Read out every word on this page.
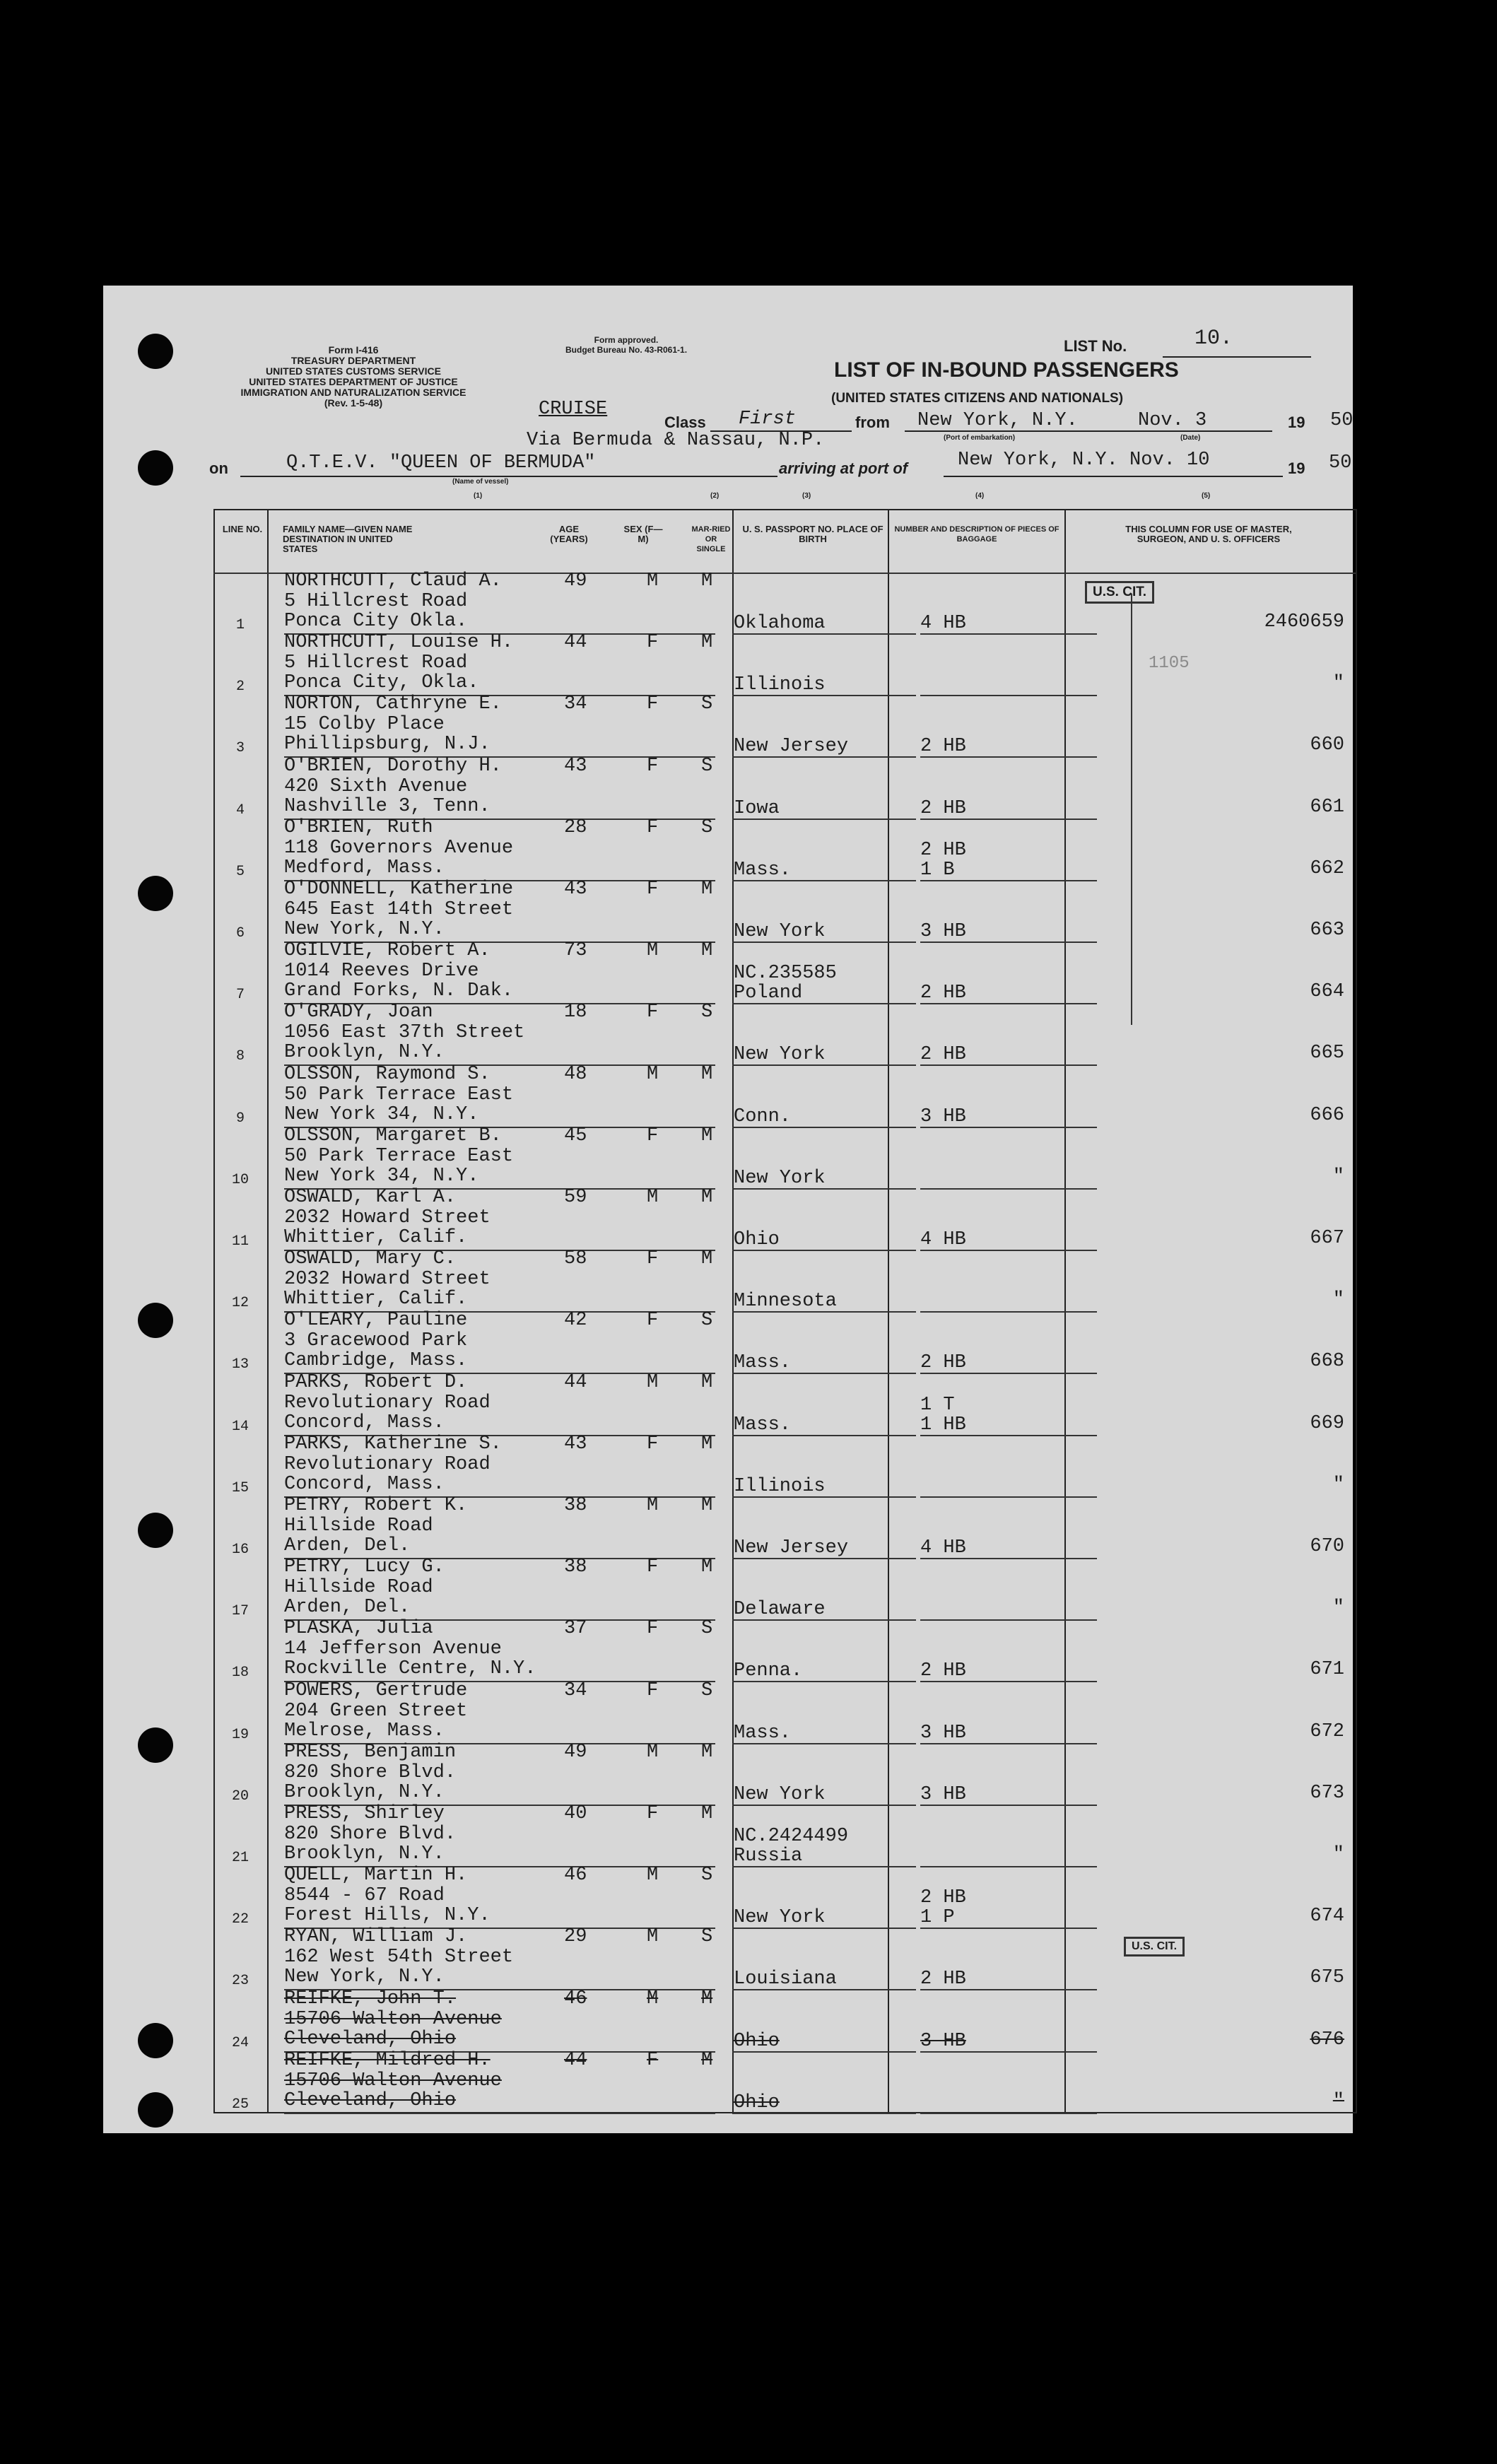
Form I-416
TREASURY DEPARTMENT
UNITED STATES CUSTOMS SERVICE
UNITED STATES DEPARTMENT OF JUSTICE
IMMIGRATION AND NATURALIZATION SERVICE
(Rev. 1-5-48)
Form approved.
Budget Bureau No. 43-R061-1.
LIST OF IN-BOUND PASSENGERS
(UNITED STATES CITIZENS AND NATIONALS)
LIST No.	10.
CRUISE
Class First	from New York, N.Y.	Nov. 3	19 50
(Port of embarkation)	(Date)
Via Bermuda & Nassau, N.P.
on	Q.T.E.V. "QUEEN OF BERMUDA"
(Name of vessel)
arriving at port of	New York, N.Y. Nov. 10	19 50
(1)	(2)	(3)	(4)	(5)
LINE NO.	FAMILY NAME—GIVEN NAME DESTINATION IN UNITED STATES
AGE (YEARS)
SEX (F—M)
MAR-RIED OR SINGLE
U. S. PASSPORT NO. PLACE OF BIRTH
NUMBER AND DESCRIPTION OF PIECES OF BAGGAGE
THIS COLUMN FOR USE OF MASTER, SURGEON, AND U. S. OFFICERS
1
NORTHCUTT, Claud A.
5 Hillcrest Road
Ponca City Okla.
49	M M
Oklahoma	4 HB	2460659
2
NORTHCUTT, Louise H.
5 Hillcrest Road
Ponca City, Okla.
44	F M
Illinois	"
3
NORTON, Cathryne E.
15 Colby Place
Phillipsburg, N.J.
34	F S
New Jersey	2 HB	660
4
O'BRIEN, Dorothy H.
420 Sixth Avenue
Nashville 3, Tenn.
43	F S
Iowa	2 HB	661
5
O'BRIEN, Ruth
118 Governors Avenue
Medford, Mass.
28	F S
Mass.
2 HB
1 B	662
6
O'DONNELL, Katherine
645 East 14th Street
New York, N.Y.
43	F M
New York	3 HB	663
7
OGILVIE, Robert A.
1014 Reeves Drive
Grand Forks, N. Dak.
73	M M
NC.235585
Poland	2 HB	664
8
O'GRADY, Joan
1056 East 37th Street
Brooklyn, N.Y.
18	F S
New York	2 HB	665
9
OLSSON, Raymond S.
50 Park Terrace East
New York 34, N.Y.
48	M M
Conn.	3 HB	666
10
OLSSON, Margaret B.
50 Park Terrace East
New York 34, N.Y.
45	F M
New York	"
11
OSWALD, Karl A.
2032 Howard Street
Whittier, Calif.
59	M M
Ohio	4 HB	667
12
OSWALD, Mary C.
2032 Howard Street
Whittier, Calif.
58	F M
Minnesota	"
13
O'LEARY, Pauline
3 Gracewood Park
Cambridge, Mass.
42	F S
Mass.	2 HB	668
14
PARKS, Robert D.
Revolutionary Road
Concord, Mass.
44	M M
Mass.
1 T
1 HB	669
15
PARKS, Katherine S.
Revolutionary Road
Concord, Mass.
43	F M
Illinois	"
16
PETRY, Robert K.
Hillside Road
Arden, Del.
38	M M
New Jersey	4 HB	670
17
PETRY, Lucy G.
Hillside Road
Arden, Del.
38	F M
Delaware	"
18
PLASKA, Julia
14 Jefferson Avenue
Rockville Centre, N.Y.
37	F S
Penna.	2 HB	671
19
POWERS, Gertrude
204 Green Street
Melrose, Mass.
34	F S
Mass.	3 HB	672
20
PRESS, Benjamin
820 Shore Blvd.
Brooklyn, N.Y.
49	M M
New York	3 HB	673
21
PRESS, Shirley
820 Shore Blvd.
Brooklyn, N.Y.
40	F M
NC.2424499
Russia	"
22
QUELL, Martin H.
8544 - 67 Road
Forest Hills, N.Y.
46	M S
New York
2 HB
1 P	674
23
RYAN, William J.
162 West 54th Street
New York, N.Y.
29	M S
Louisiana	2 HB	675
24
REIFKE, John T.
15706 Walton Avenue
Cleveland, Ohio
46	M M
Ohio	3 HB	676
25
REIFKE, Mildred H.
15706 Walton Avenue
Cleveland, Ohio
44	F M
Ohio	"
U.S. CIT.
U.S. CIT.
1105
